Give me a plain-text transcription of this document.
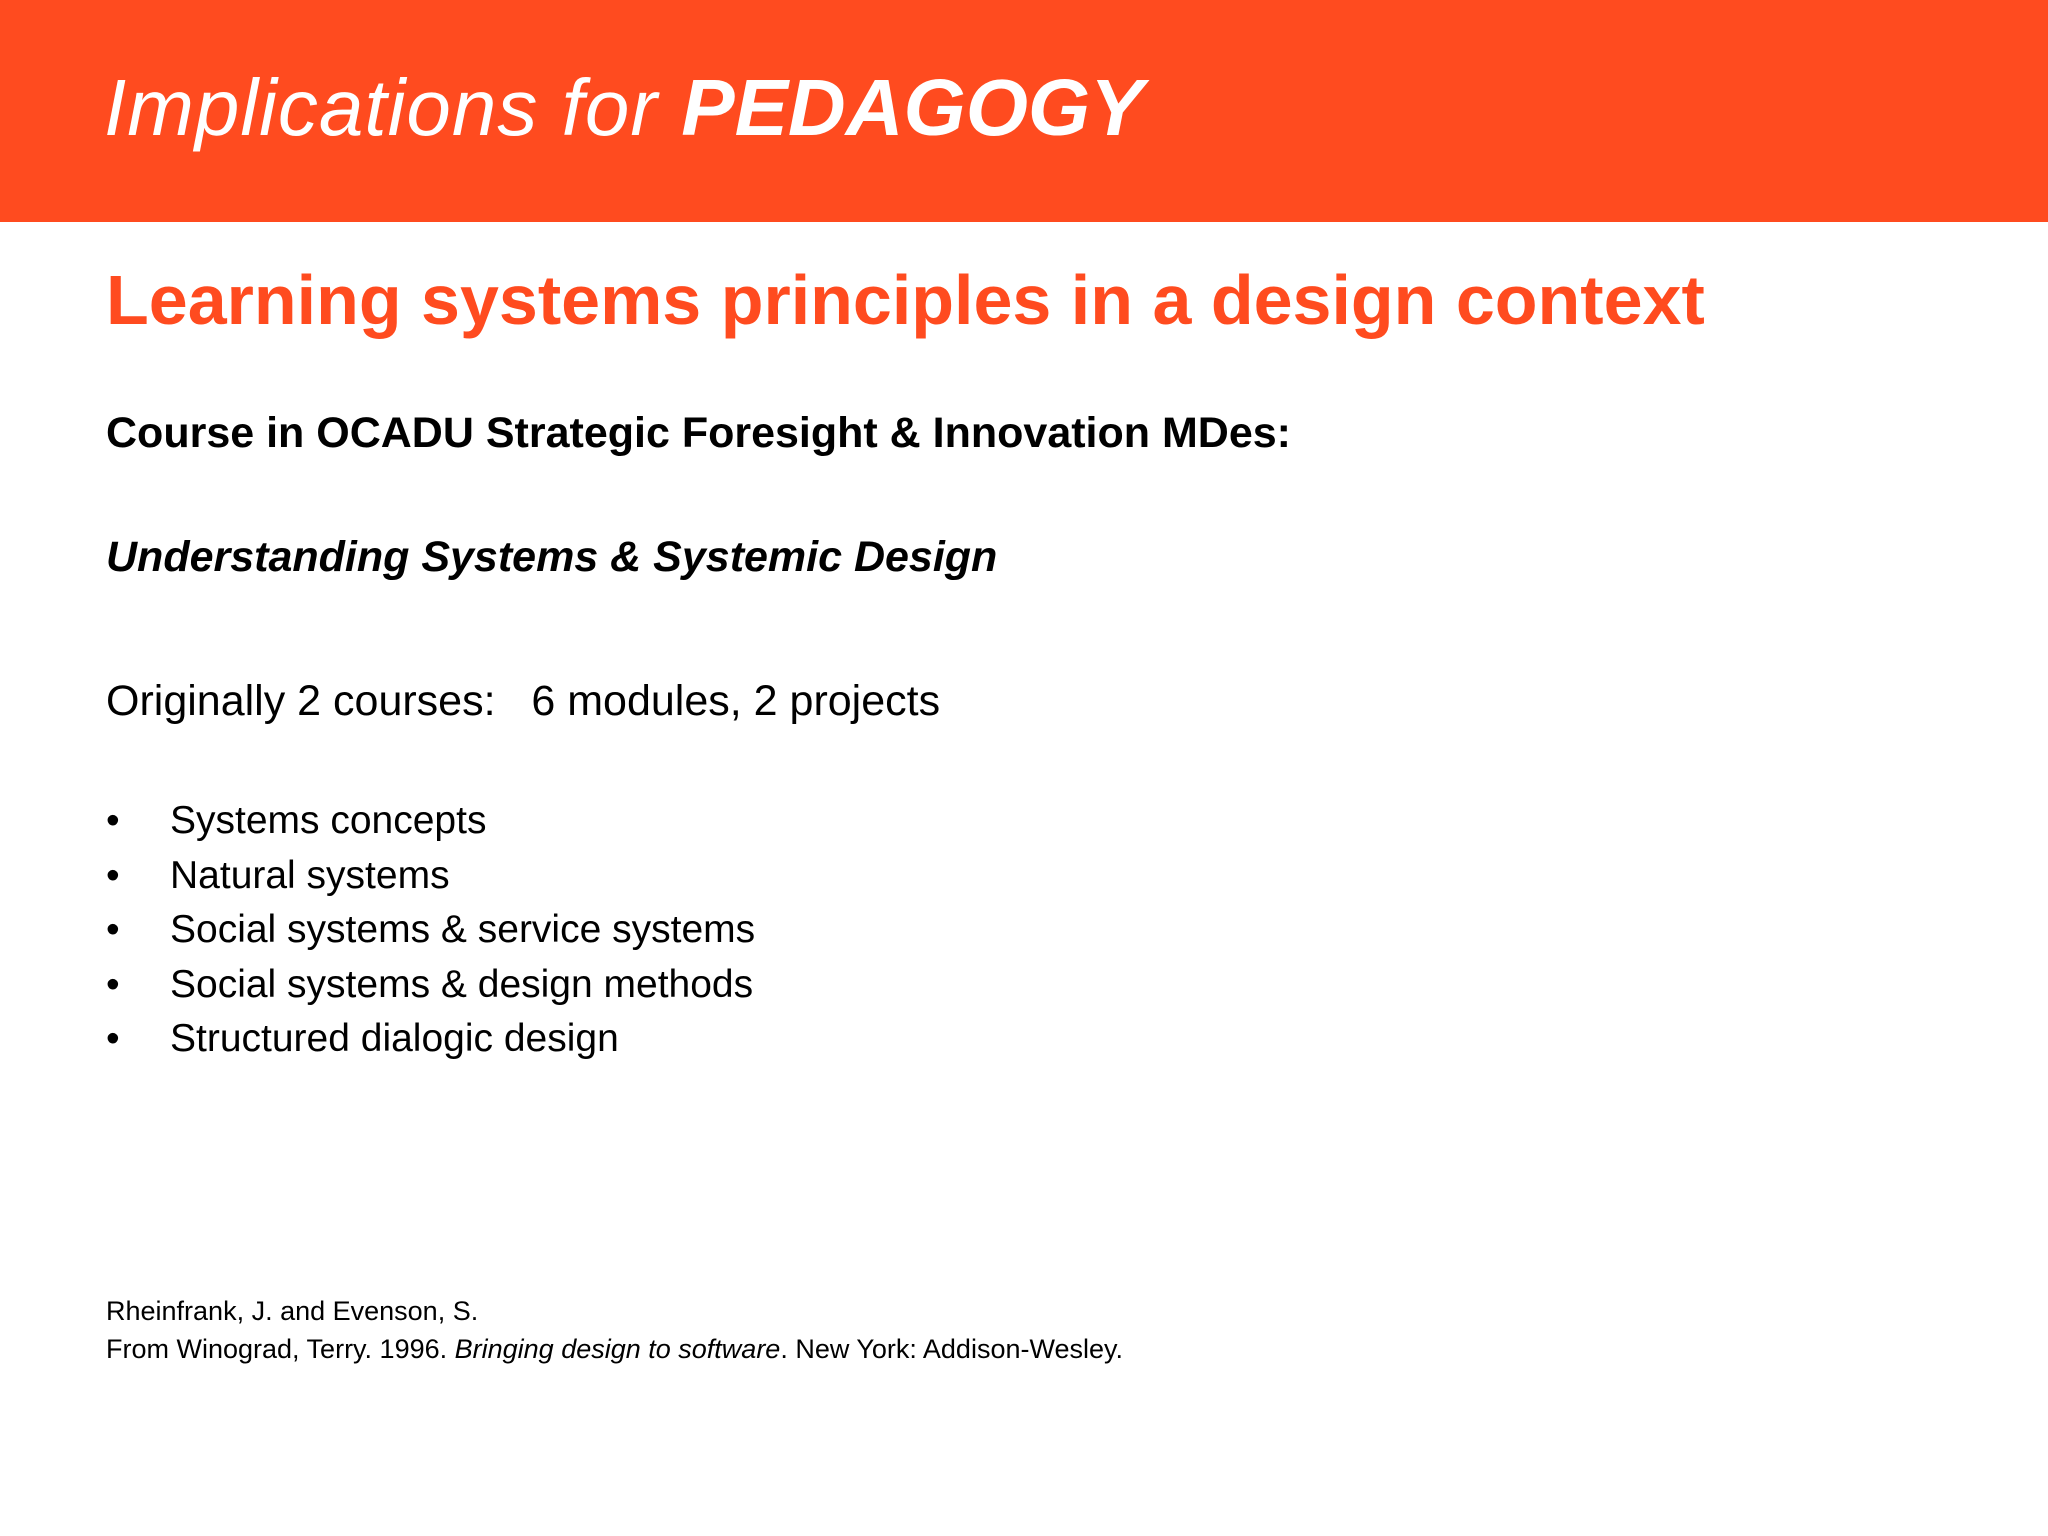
Implications for PEDAGOGY
Learning systems principles in a design context
Course in OCADU Strategic Foresight & Innovation MDes:
Understanding Systems & Systemic Design
Originally 2 courses:   6 modules, 2 projects
• Systems concepts
• Natural systems
• Social systems & service systems
• Social systems & design methods
• Structured dialogic design
Rheinfrank, J. and Evenson, S.
From Winograd, Terry. 1996. Bringing design to software. New York: Addison-Wesley.
